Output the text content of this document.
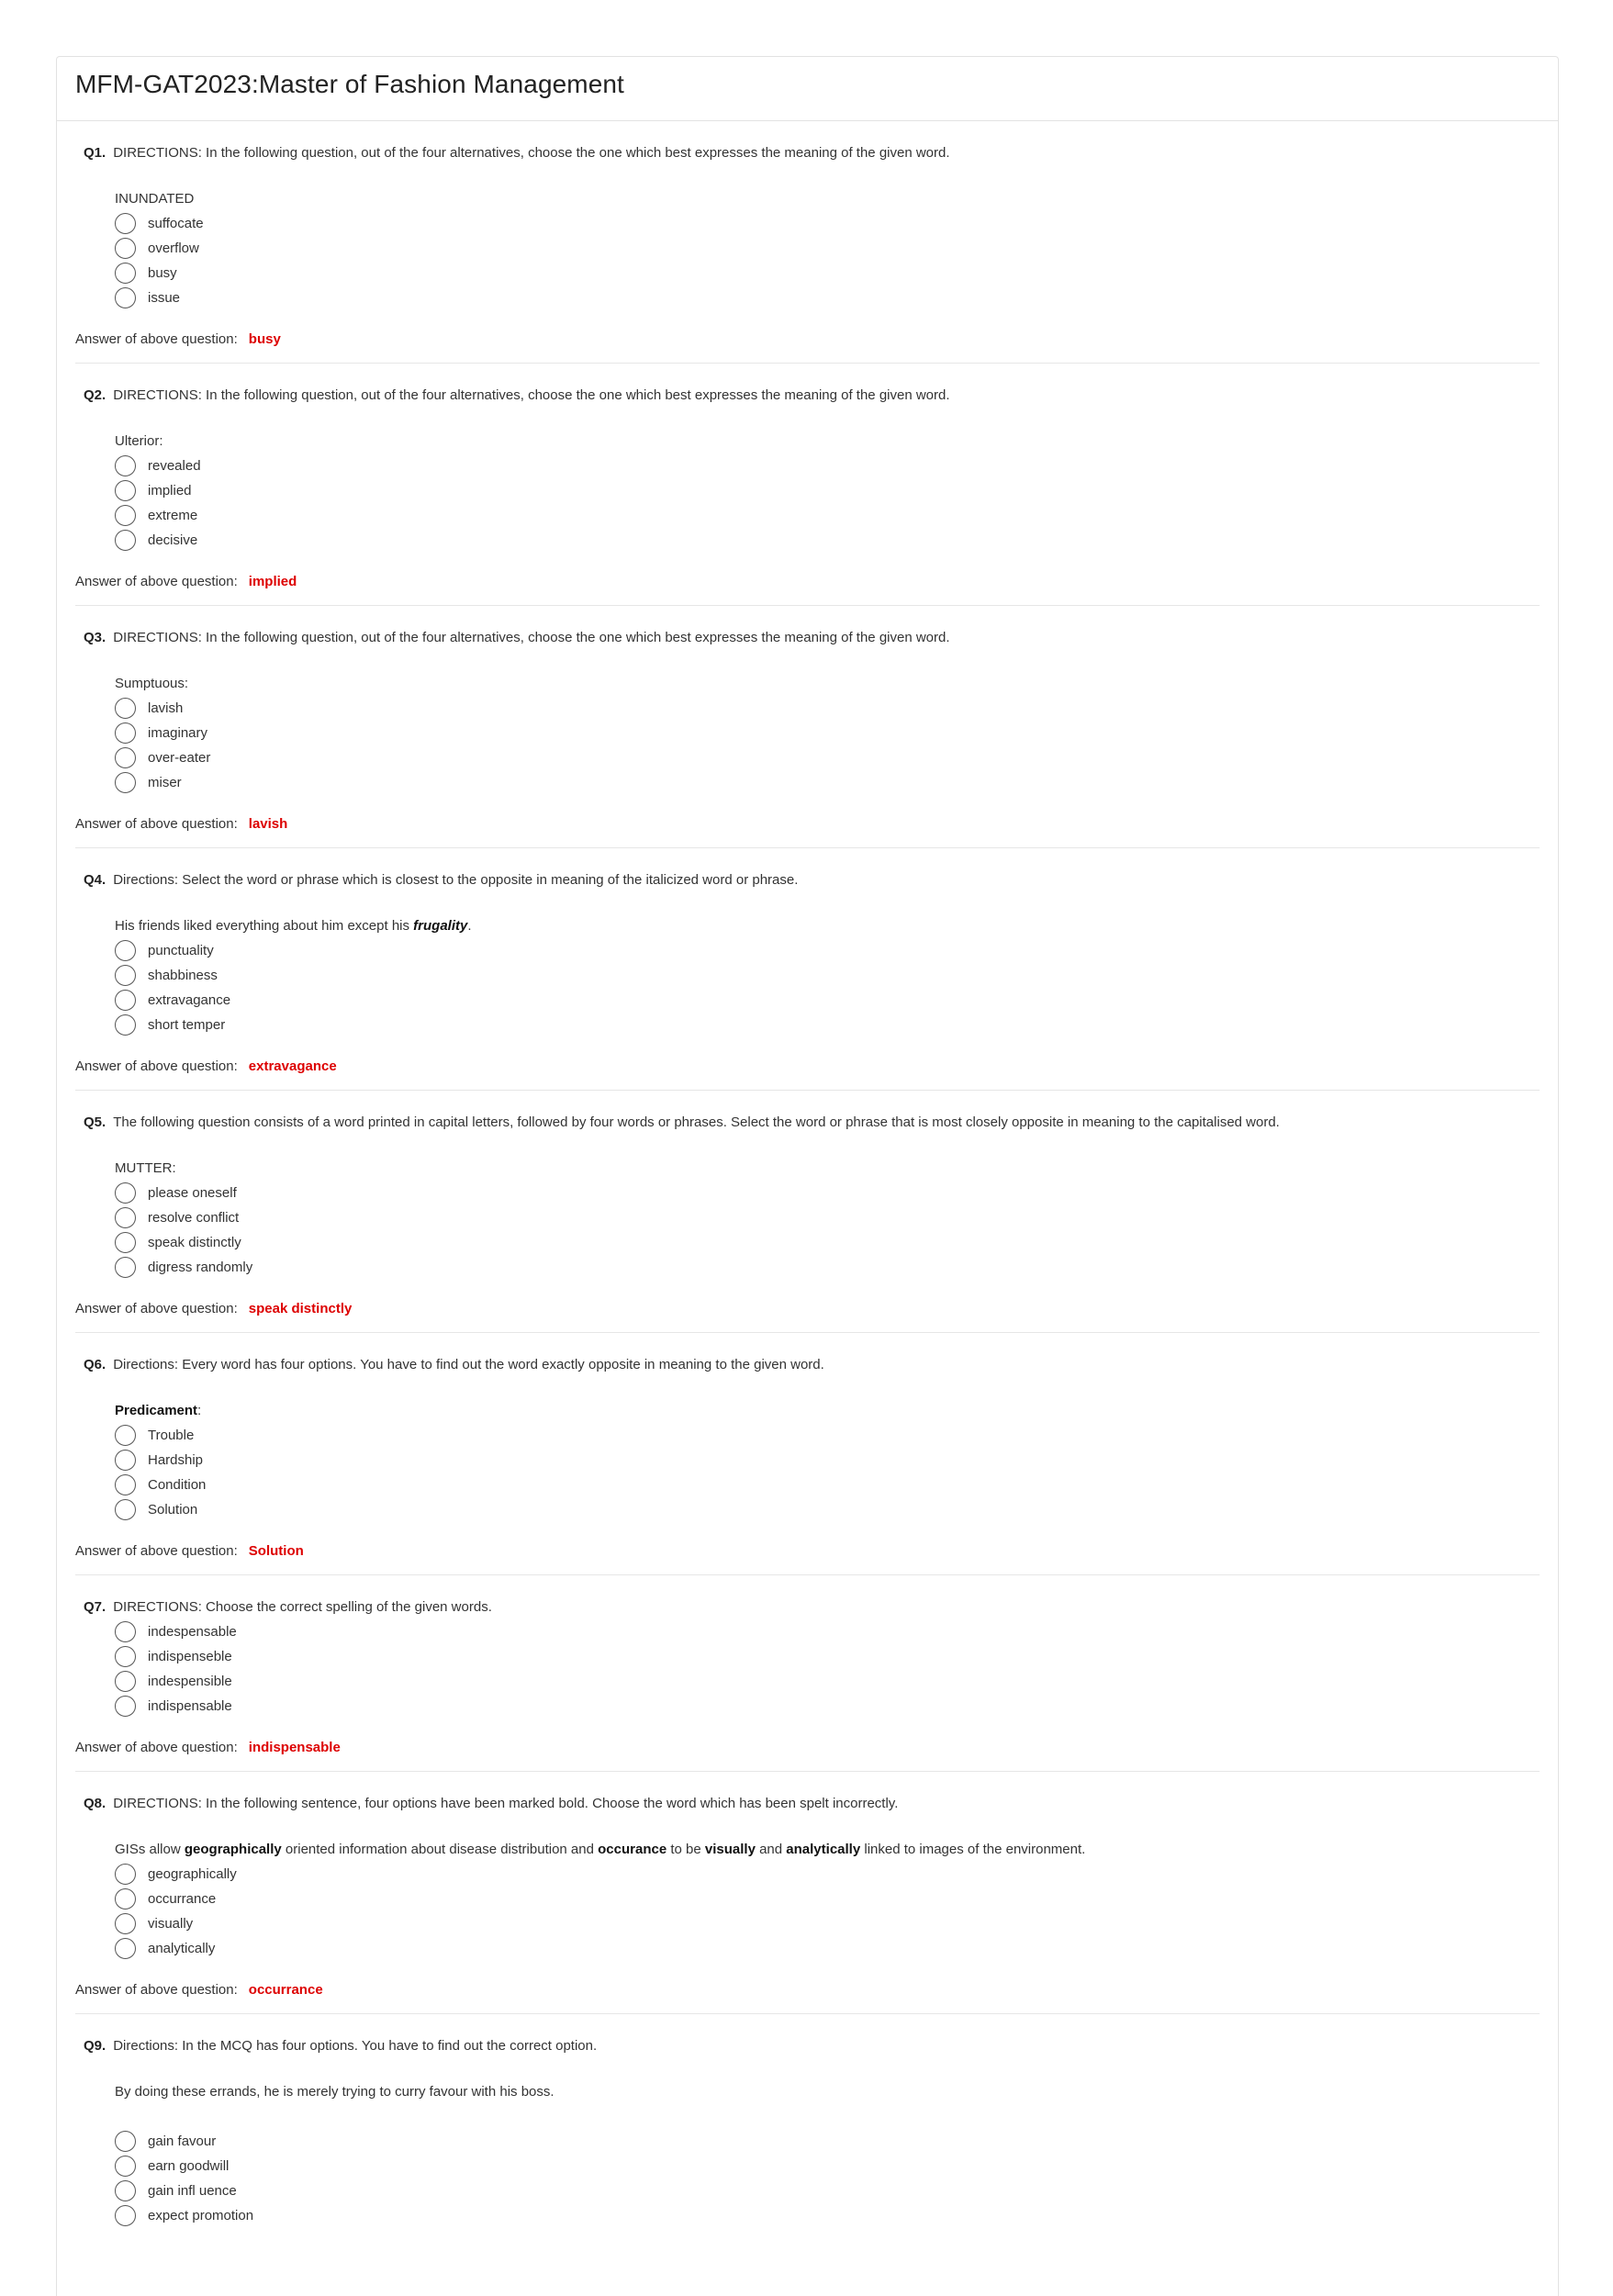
MFM-GAT2023:Master of Fashion Management
Q1. DIRECTIONS: In the following question, out of the four alternatives, choose the one which best expresses the meaning of the given word.
INUNDATED
suffocate
overflow
busy
issue
Answer of above question: busy
Q2. DIRECTIONS: In the following question, out of the four alternatives, choose the one which best expresses the meaning of the given word.
Ulterior:
revealed
implied
extreme
decisive
Answer of above question: implied
Q3. DIRECTIONS: In the following question, out of the four alternatives, choose the one which best expresses the meaning of the given word.
Sumptuous:
lavish
imaginary
over-eater
miser
Answer of above question: lavish
Q4. Directions: Select the word or phrase which is closest to the opposite in meaning of the italicized word or phrase.
His friends liked everything about him except his frugality.
punctuality
shabbiness
extravagance
short temper
Answer of above question: extravagance
Q5. The following question consists of a word printed in capital letters, followed by four words or phrases. Select the word or phrase that is most closely opposite in meaning to the capitalised word.
MUTTER:
please oneself
resolve conflict
speak distinctly
digress randomly
Answer of above question: speak distinctly
Q6. Directions: Every word has four options. You have to find out the word exactly opposite in meaning to the given word.
Predicament:
Trouble
Hardship
Condition
Solution
Answer of above question: Solution
Q7. DIRECTIONS: Choose the correct spelling of the given words.
indespensable
indispenseble
indespensible
indispensable
Answer of above question: indispensable
Q8. DIRECTIONS: In the following sentence, four options have been marked bold. Choose the word which has been spelt incorrectly.
GISs allow geographically oriented information about disease distribution and occurance to be visually and analytically linked to images of the environment.
geographically
occurrance
visually
analytically
Answer of above question: occurrance
Q9. Directions: In the MCQ has four options. You have to find out the correct option.
By doing these errands, he is merely trying to curry favour with his boss.
gain favour
earn goodwill
gain infl uence
expect promotion
